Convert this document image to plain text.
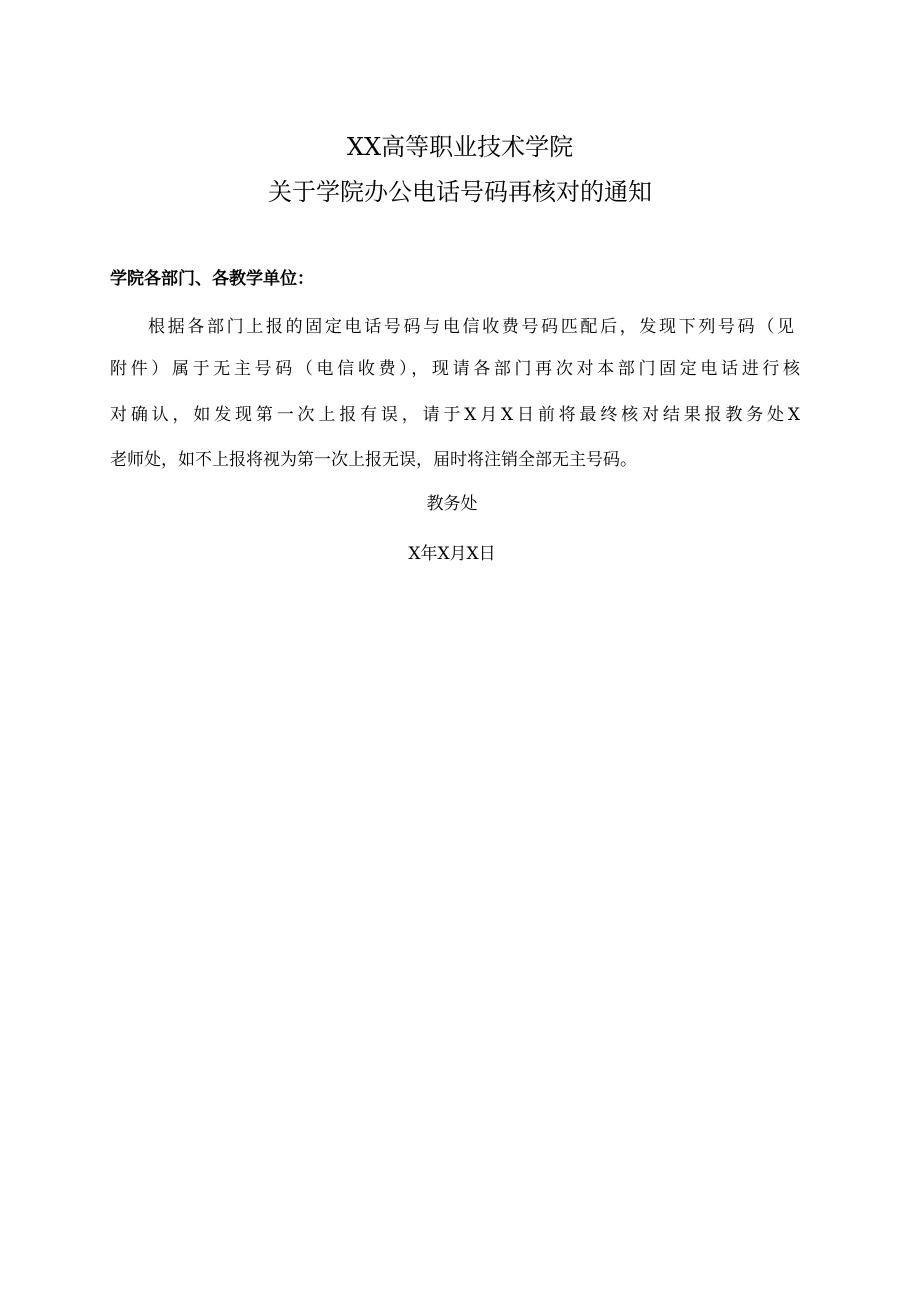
XX高等职业技术学院
关于学院办公电话号码再核对的通知
学院各部门、各教学单位：
根据各部门上报的固定电话号码与电信收费号码匹配后，发现下列号码（见
附件）属于无主号码（电信收费），现请各部门再次对本部门固定电话进行核
对确认，如发现第一次上报有误，请于X月X日前将最终核对结果报教务处X
老师处，如不上报将视为第一次上报无误，届时将注销全部无主号码。
教务处
X年X月X日
